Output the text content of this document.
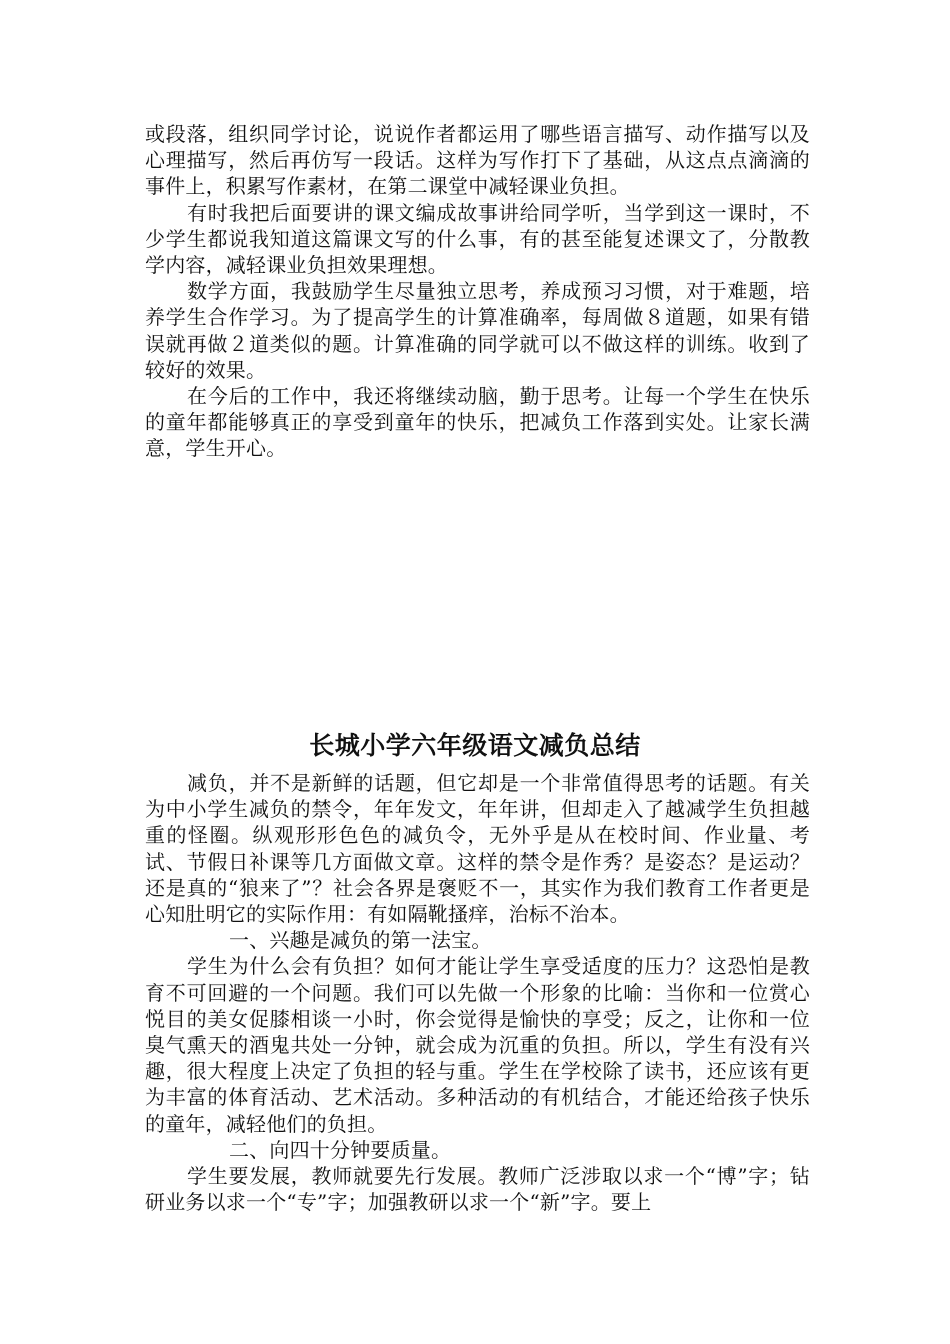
或段落，组织同学讨论，说说作者都运用了哪些语言描写、动作描写以及心理描写，然后再仿写一段话。这样为写作打下了基础，从这点点滴滴的事件上，积累写作素材，在第二课堂中减轻课业负担。

有时我把后面要讲的课文编成故事讲给同学听，当学到这一课时，不少学生都说我知道这篇课文写的什么事，有的甚至能复述课文了，分散教学内容，减轻课业负担效果理想。

数学方面，我鼓励学生尽量独立思考，养成预习习惯，对于难题，培养学生合作学习。为了提高学生的计算准确率，每周做８道题，如果有错误就再做２道类似的题。计算准确的同学就可以不做这样的训练。收到了较好的效果。

在今后的工作中，我还将继续动脑，勤于思考。让每一个学生在快乐的童年都能够真正的享受到童年的快乐，把减负工作落到实处。让家长满意，学生开心。

长城小学六年级语文减负总结

减负，并不是新鲜的话题，但它却是一个非常值得思考的话题。有关为中小学生减负的禁令，年年发文，年年讲，但却走入了越减学生负担越重的怪圈。纵观形形色色的减负令，无外乎是从在校时间、作业量、考试、节假日补课等几方面做文章。这样的禁令是作秀？是姿态？是运动？还是真的“狼来了”？社会各界是褒贬不一，其实作为我们教育工作者更是心知肚明它的实际作用：有如隔靴搔痒，治标不治本。

一、兴趣是减负的第一法宝。

学生为什么会有负担？如何才能让学生享受适度的压力？这恐怕是教育不可回避的一个问题。我们可以先做一个形象的比喻：当你和一位赏心悦目的美女促膝相谈一小时，你会觉得是愉快的享受；反之，让你和一位臭气熏天的酒鬼共处一分钟，就会成为沉重的负担。所以，学生有没有兴趣，很大程度上决定了负担的轻与重。学生在学校除了读书，还应该有更为丰富的体育活动、艺术活动。多种活动的有机结合，才能还给孩子快乐的童年，减轻他们的负担。

二、向四十分钟要质量。

学生要发展，教师就要先行发展。教师广泛涉取以求一个“博”字；钻研业务以求一个“专”字；加强教研以求一个“新”字。要上
